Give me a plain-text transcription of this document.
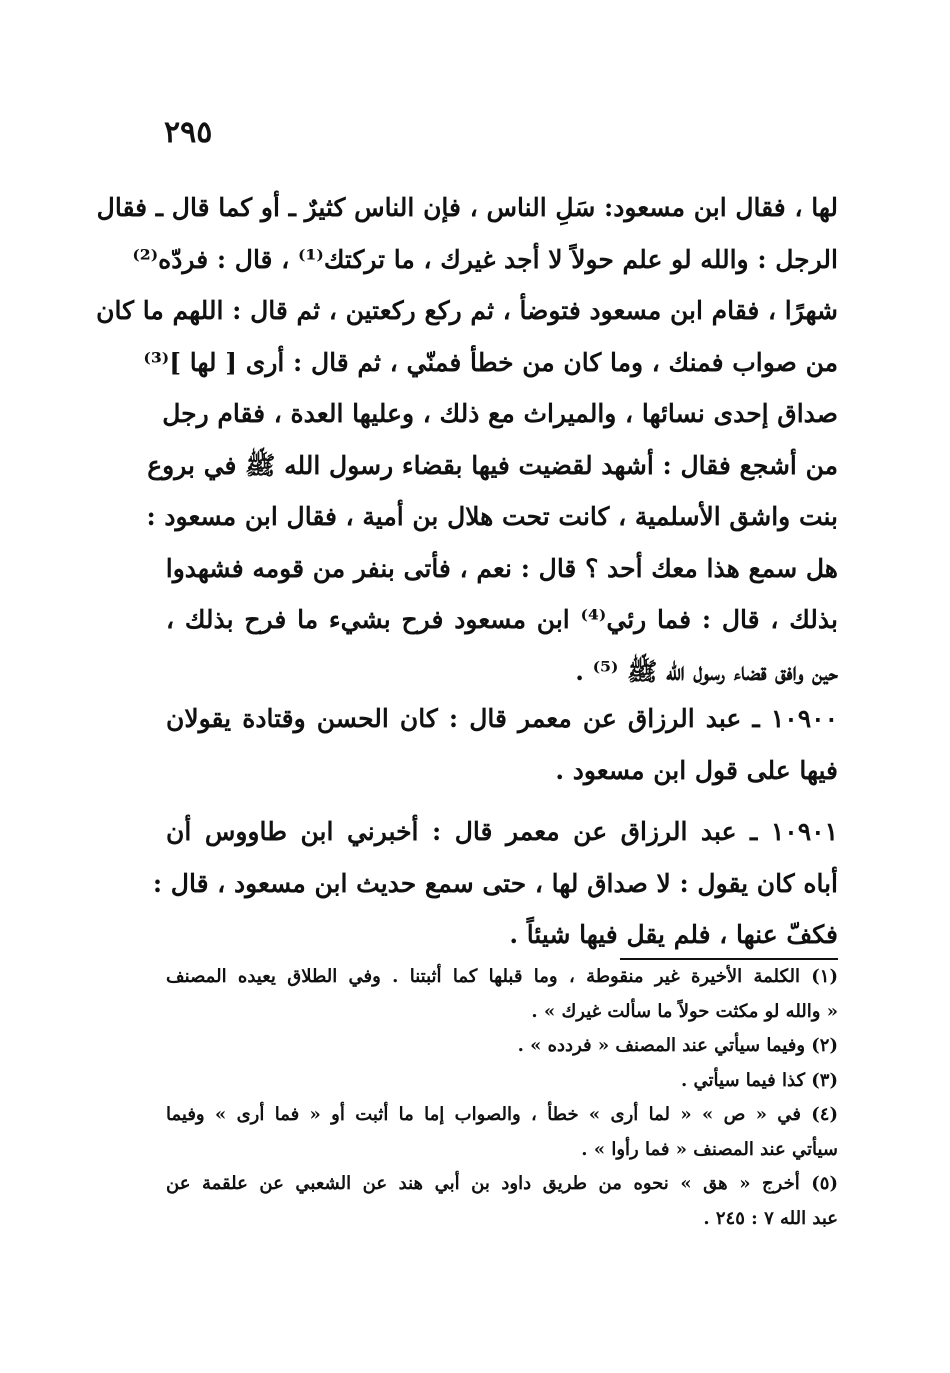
٢٩٥
لها ، فقال ابن مسعود: سَلِ الناس ، فإن الناس كثيرٌ ـ أو كما قال ـ فقال
الرجل : والله لو علم حولاً لا أجد غيرك ، ما تركتك⁽¹⁾ ، قال : فردّه⁽²⁾
شهرًا ، فقام ابن مسعود فتوضأ ، ثم ركع ركعتين ، ثم قال : اللهم ما كان
من صواب فمنك ، وما كان من خطأ فمنّي ، ثم قال : أرى [ لها ]⁽³⁾
صداق إحدى نسائها ، والميراث مع ذلك ، وعليها العدة ، فقام رجل
من أشجع فقال : أشهد لقضيت فيها بقضاء رسول الله ﷺ في بروع
بنت واشق الأسلمية ، كانت تحت هلال بن أمية ، فقال ابن مسعود :
هل سمع هذا معك أحد ؟ قال : نعم ، فأتى بنفر من قومه فشهدوا
بذلك ، قال : فما رئي⁽⁴⁾ ابن مسعود فرح بشيء ما فرح بذلك ،
حين وافق قضاء رسول الله ﷺ ⁽⁵⁾ .
١٠٩٠٠ ـ عبد الرزاق عن معمر قال : كان الحسن وقتادة يقولان
فيها على قول ابن مسعود .
١٠٩٠١ ـ عبد الرزاق عن معمر قال : أخبرني ابن طاووس أن
أباه كان يقول : لا صداق لها ، حتى سمع حديث ابن مسعود ، قال :
فكفّ عنها ، فلم يقل فيها شيئاً .
(١) الكلمة الأخيرة غير منقوطة ، وما قبلها كما أثبتنا . وفي الطلاق يعيده المصنف
« والله لو مكثت حولاً ما سألت غيرك » .
(٢) وفيما سيأتي عند المصنف « فردده » .
(٣) كذا فيما سيأتي .
(٤) في « ص » « لما أرى » خطأ ، والصواب إما ما أثبت أو « فما أرى » وفيما
سيأتي عند المصنف « فما رأوا » .
(٥) أخرج « هق » نحوه من طريق داود بن أبي هند عن الشعبي عن علقمة عن
عبد الله ٧ : ٢٤٥ .
